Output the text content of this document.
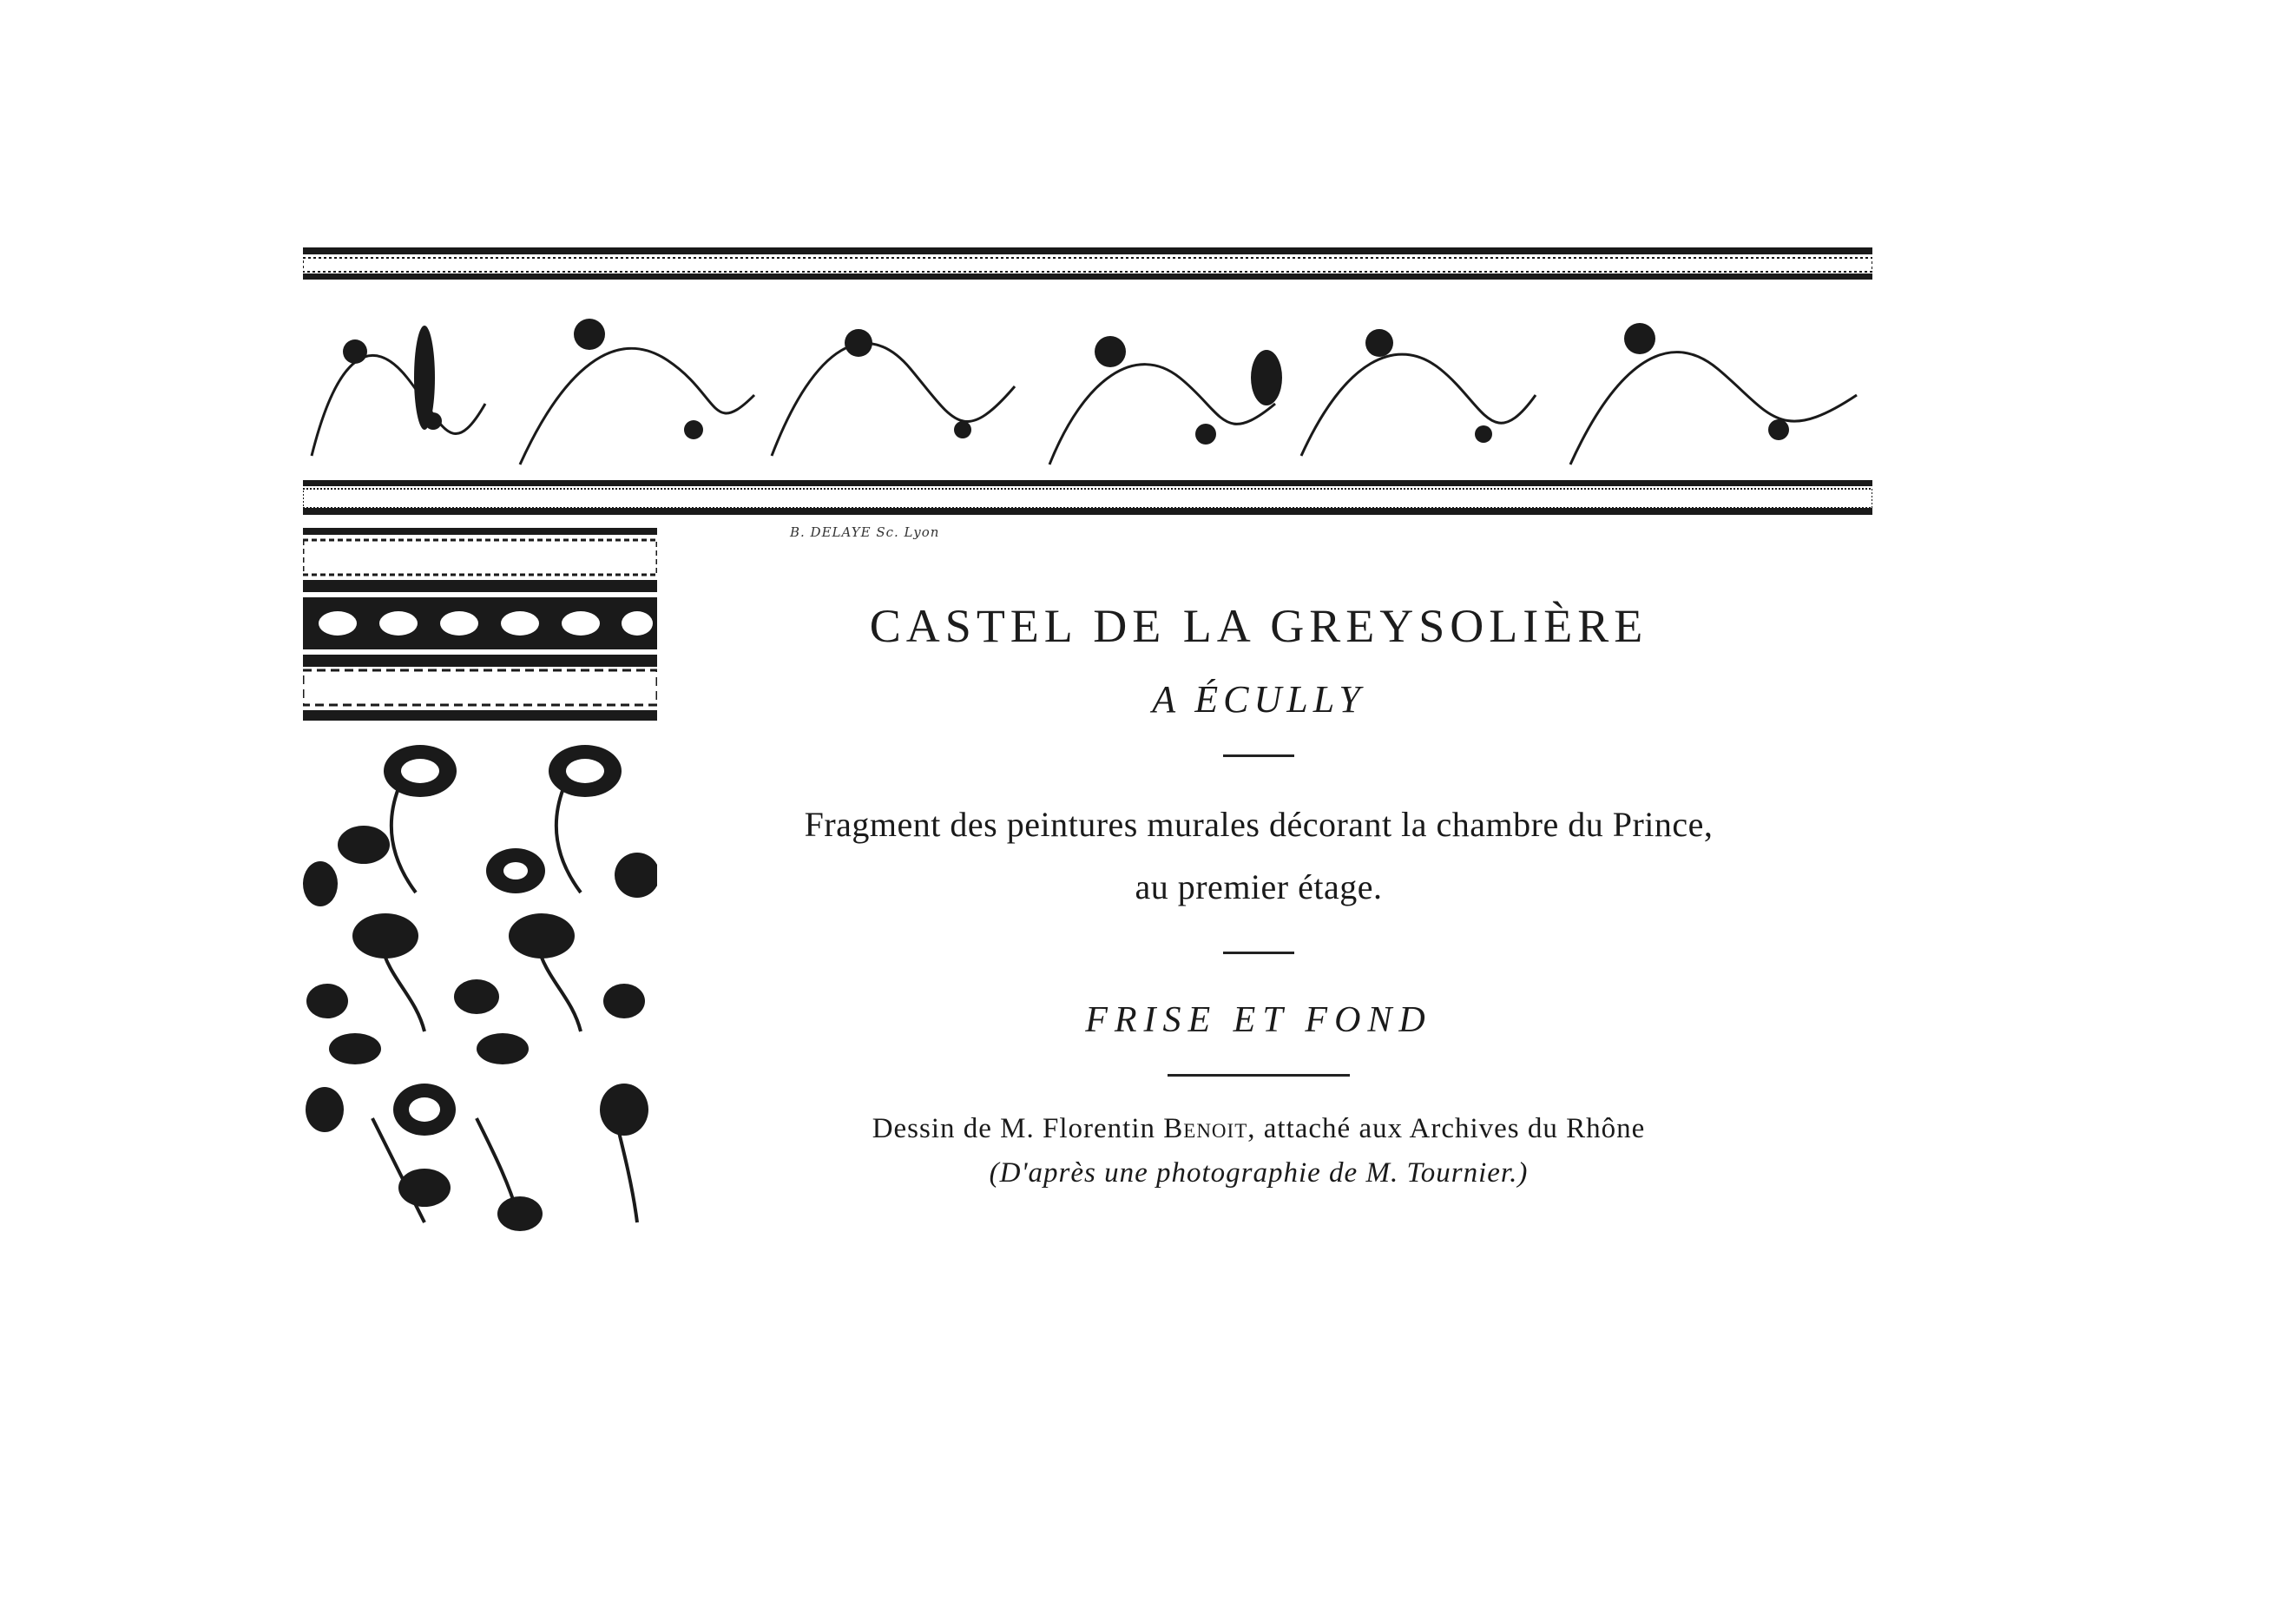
B. DELAYE Sc. Lyon
CASTEL DE LA GREYSOLIÈRE
A ÉCULLY
Fragment des peintures murales décorant la chambre du Prince,
au premier étage.
FRISE ET FOND
Dessin de M. Florentin Benoit, attaché aux Archives du Rhône
(D'après une photographie de M. Tournier.)
